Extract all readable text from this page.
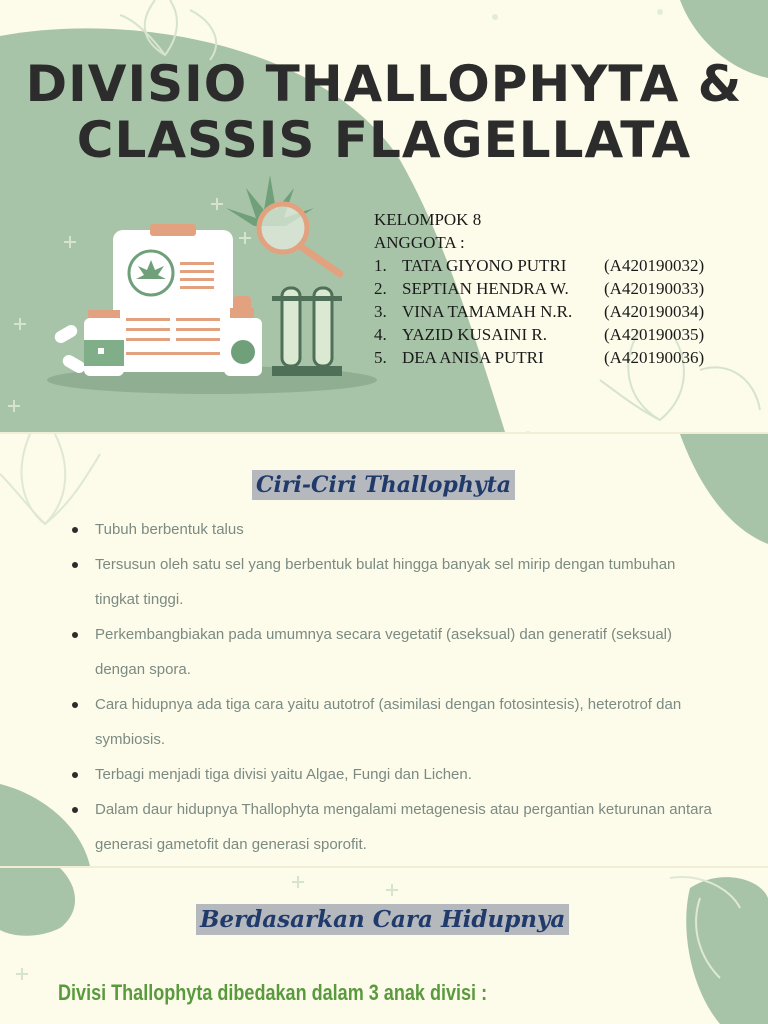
DIVISIO THALLOPHYTA &
CLASSIS FLAGELLATA
KELOMPOK 8
ANGGOTA :
1. TATA GIYONO PUTRI	(A420190032)
2. SEPTIAN HENDRA W.	(A420190033)
3. VINA TAMAMAH N.R.	(A420190034)
4. YAZID KUSAINI R.	(A420190035)
5. DEA ANISA PUTRI	(A420190036)
Ciri-Ciri Thallophyta
Tubuh berbentuk talus
Tersusun oleh satu sel yang berbentuk bulat hingga banyak sel mirip dengan tumbuhan tingkat tinggi.
Perkembangbiakan pada umumnya secara vegetatif (aseksual) dan generatif (seksual) dengan spora.
Cara hidupnya ada tiga cara yaitu autotrof (asimilasi dengan fotosintesis), heterotrof dan symbiosis.
Terbagi menjadi tiga divisi yaitu Algae, Fungi dan Lichen.
Dalam daur hidupnya Thallophyta mengalami metagenesis atau pergantian keturunan antara generasi gametofit dan generasi sporofit.
Berdasarkan Cara Hidupnya
Divisi Thallophyta dibedakan dalam 3 anak divisi :
